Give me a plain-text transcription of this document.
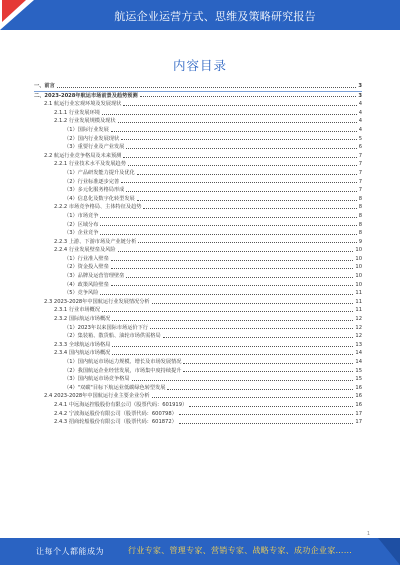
航运企业运营方式、思维及策略研究报告
内容目录
一、前言	3
二、2023-2028年航运市场前景及趋势预测	3
2.1 航运行业宏观环境及发展现状	4
2.1.1 行业发展环境	4
2.1.2 行业发展规模及现状	4
（1）国际行业发展	4
（2）国内行业发展现状	5
（3）重要行业及产业发展	6
2.2 航运行业竞争格局及未来预测	7
2.2.1 行业技术水平及发展趋势	7
（1）产品研发能力提升及优化	7
（2）行业标准逐步完善	7
（3）多元化服务格局形成	7
（4）信息化及数字化转型发展	8
2.2.2 市场竞争格局、主体特征及趋势	8
（1）市场竞争	8
（2）区域分布	8
（3）企业竞争	8
2.2.3 上游、下游市场及产业链分析	9
2.2.4 行业发展壁垒及风险	10
（1）行业准入壁垒	10
（2）资金投入壁垒	10
（3）品牌及运营管理壁垒	10
（4）政策风险壁垒	10
（5）竞争风险	11
2.3 2023-2028年中国航运行业发展情况分析	11
2.3.1 行业市场概况	11
2.3.2 国际航运市场概况	12
（1）2023年以来国际市场运价下行	12
（2）集装箱、散货船、油轮市场供需格局	12
2.3.3 全球航运市场格局	13
2.3.4 国内航运市场概况	14
（1）国内航运市场运力规模、增长及市场发展情况	14
（2）我国航运企业经营发展，市场集中度持续提升	15
（3）国内航运市场竞争格局	15
（4）"双碳"目标下航运业低碳绿色转型发展	16
2.4 2023-2028年中国航运行业主要企业分析	16
2.4.1 中远海运控股股份有限公司（股票代码：601919）	16
2.4.2 宁波海运股份有限公司（股票代码：600798）	17
2.4.3 招商轮船股份有限公司（股票代码：601872）	17
1
让每个人都能成为	行业专家、管理专家、营销专家、战略专家、成功企业家……
